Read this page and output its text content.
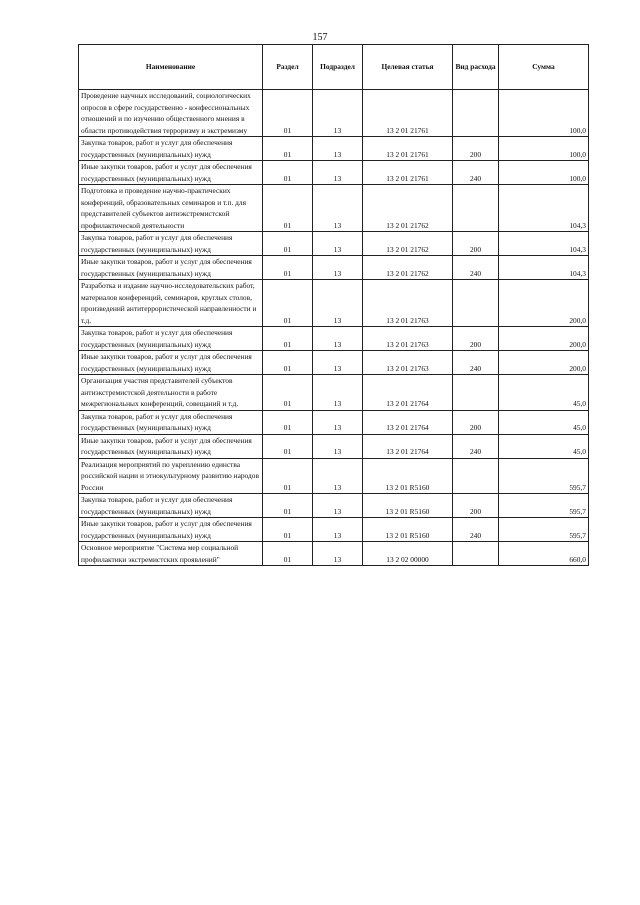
157
Наименование	Раздел	Подраздел	Целевая статья	Вид расхода	Сумма
Проведение научных исследований, социологических опросов в сфере государственно - конфессиональных отношений и по изучению общественного мнения в области противодействия терроризму и экстремизму	01	13	13 2 01 21761		100,0
Закупка товаров, работ и услуг для обеспечения государственных (муниципальных) нужд	01	13	13 2 01 21761	200	100,0
Иные закупки товаров, работ и услуг для обеспечения государственных (муниципальных) нужд	01	13	13 2 01 21761	240	100,0
Подготовка и проведение научно-практических конференций, образовательных семинаров и т.п. для представителей субъектов антиэкстремистской профилактической деятельности	01	13	13 2 01 21762		104,3
Закупка товаров, работ и услуг для обеспечения государственных (муниципальных) нужд	01	13	13 2 01 21762	200	104,3
Иные закупки товаров, работ и услуг для обеспечения государственных (муниципальных) нужд	01	13	13 2 01 21762	240	104,3
Разработка и издание научно-исследовательских работ, материалов конференций, семинаров, круглых столов, произведений антитеррористической направленности и т.д.	01	13	13 2 01 21763		200,0
Закупка товаров, работ и услуг для обеспечения государственных (муниципальных) нужд	01	13	13 2 01 21763	200	200,0
Иные закупки товаров, работ и услуг для обеспечения государственных (муниципальных) нужд	01	13	13 2 01 21763	240	200,0
Организация участия представителей субъектов антиэкстремистской деятельности в работе межрегиональных конференций, совещаний и т.д.	01	13	13 2 01 21764		45,0
Закупка товаров, работ и услуг для обеспечения государственных (муниципальных) нужд	01	13	13 2 01 21764	200	45,0
Иные закупки товаров, работ и услуг для обеспечения государственных (муниципальных) нужд	01	13	13 2 01 21764	240	45,0
Реализация мероприятий по укреплению единства российской нации и этнокультурному развитию народов России	01	13	13 2 01 R5160		595,7
Закупка товаров, работ и услуг для обеспечения государственных (муниципальных) нужд	01	13	13 2 01 R5160	200	595,7
Иные закупки товаров, работ и услуг для обеспечения государственных (муниципальных) нужд	01	13	13 2 01 R5160	240	595,7
Основное мероприятие "Система мер социальной профилактики экстремистских проявлений"	01	13	13 2 02 00000		660,0
